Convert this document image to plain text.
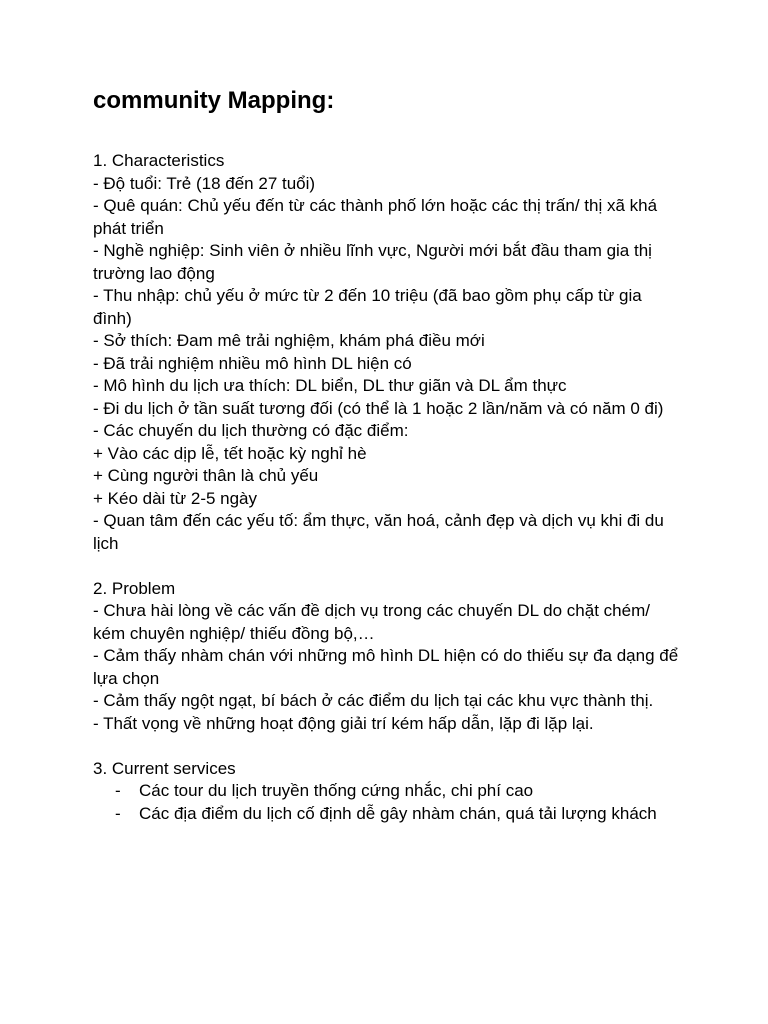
community Mapping:
1. Characteristics
- Độ tuổi: Trẻ (18 đến 27 tuổi)
- Quê quán: Chủ yếu đến từ các thành phố lớn hoặc các thị trấn/ thị xã khá phát triển
- Nghề nghiệp: Sinh viên ở nhiều lĩnh vực, Người mới bắt đầu tham gia thị trường lao động
- Thu nhập: chủ yếu ở mức từ 2 đến 10 triệu (đã bao gồm phụ cấp từ gia đình)
- Sở thích: Đam mê trải nghiệm, khám phá điều mới
- Đã trải nghiệm nhiều mô hình DL hiện có
- Mô hình du lịch ưa thích: DL biển, DL thư giãn và DL ẩm thực
- Đi du lịch ở tần suất tương đối (có thể là 1 hoặc 2 lần/năm và có năm 0 đi)
- Các chuyến du lịch thường có đặc điểm:
+ Vào các dịp lễ, tết hoặc kỳ nghỉ hè
+ Cùng người thân là chủ yếu
+ Kéo dài từ 2-5 ngày
- Quan tâm đến các yếu tố: ẩm thực, văn hoá, cảnh đẹp và dịch vụ khi đi du lịch
2. Problem
- Chưa hài lòng về các vấn đề dịch vụ trong các chuyến DL do chặt chém/ kém chuyên nghiệp/ thiếu đồng bộ,…
- Cảm thấy nhàm chán với những mô hình DL hiện có do thiếu sự đa dạng để lựa chọn
- Cảm thấy ngột ngạt, bí bách ở các điểm du lịch tại các khu vực thành thị.
- Thất vọng về những hoạt động giải trí kém hấp dẫn, lặp đi lặp lại.
3. Current services
- Các tour du lịch truyền thống cứng nhắc, chi phí cao
- Các địa điểm du lịch cố định dễ gây nhàm chán, quá tải lượng khách
